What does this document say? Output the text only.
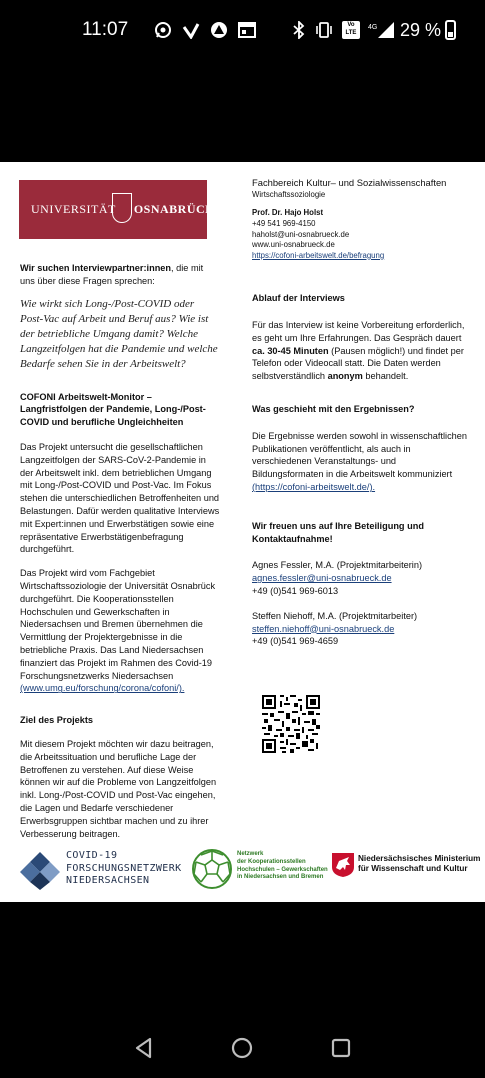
11:07	Vo
LTE
4G 29 %
UNIVERSITÄT OSNABRÜCK
Fachbereich Kultur– und Sozialwissenschaften
Wirtschaftssoziologie
Prof. Dr. Hajo Holst
+49 541 969-4150
haholst@uni-osnabrueck.de
www.uni-osnabrueck.de
https://cofoni-arbeitswelt.de/befragung

Wir suchen Interviewpartner:innen, die mit uns über diese Fragen sprechen:

Wie wirkt sich Long-/Post-COVID oder Post-Vac auf Arbeit und Beruf aus? Wie ist der betriebliche Umgang damit? Welche Langzeitfolgen hat die Pandemie und welche Bedarfe sehen Sie in der Arbeitswelt?

COFONI Arbeitswelt-Monitor – Langfristfolgen der Pandemie, Long-/Post-COVID und berufliche Ungleichheiten

Das Projekt untersucht die gesellschaftlichen Langzeitfolgen der SARS-CoV-2-Pandemie in der Arbeitswelt inkl. dem betrieblichen Umgang mit Long-/Post-COVID und Post-Vac. Im Fokus stehen die unterschiedlichen Betroffenheiten und Belastungen. Dafür werden qualitative Interviews mit Expert:innen und Erwerbstätigen sowie eine repräsentative Erwerbstätigenbefragung durchgeführt.

Das Projekt wird vom Fachgebiet Wirtschaftssoziologie der Universität Osnabrück durchgeführt. Die Kooperationsstellen Hochschulen und Gewerkschaften in Niedersachsen und Bremen übernehmen die Vermittlung der Projektergebnisse in die betriebliche Praxis. Das Land Niedersachsen finanziert das Projekt im Rahmen des Covid-19 Forschungsnetzwerks Niedersachsen (www.umg.eu/forschung/corona/cofoni/).

Ziel des Projekts

Mit diesem Projekt möchten wir dazu beitragen, die Arbeitssituation und berufliche Lage der Betroffenen zu verstehen. Auf diese Weise können wir auf die Probleme von Langzeitfolgen inkl. Long-/Post-COVID und Post-Vac eingehen, die Lagen und Bedarfe verschiedener Erwerbsgruppen sichtbar machen und zu ihrer Verbesserung beitragen.

Ablauf der Interviews

Für das Interview ist keine Vorbereitung erforderlich, es geht um Ihre Erfahrungen. Das Gespräch dauert ca. 30-45 Minuten (Pausen möglich!) und findet per Telefon oder Videocall statt. Die Daten werden selbstverständlich anonym behandelt.

Was geschieht mit den Ergebnissen?

Die Ergebnisse werden sowohl in wissenschaftlichen Publikationen veröffentlicht, als auch in verschiedenen Veranstaltungs- und Bildungsformaten in die Arbeitswelt kommuniziert (https://cofoni-arbeitswelt.de/).

Wir freuen uns auf Ihre Beteiligung und Kontaktaufnahme!

Agnes Fessler, M.A. (Projektmitarbeiterin)
agnes.fessler@uni-osnabrueck.de
+49 (0)541 969-6013

Steffen Niehoff, M.A. (Projektmitarbeiter)
steffen.niehoff@uni-osnabrueck.de
+49 (0)541 969-4659

COVID-19
FORSCHUNGSNETZWERK
NIEDERSACHSEN
Netzwerk
der Kooperationsstellen
Hochschulen – Gewerkschaften
in Niedersachsen und Bremen
Niedersächsisches Ministerium
für Wissenschaft und Kultur
